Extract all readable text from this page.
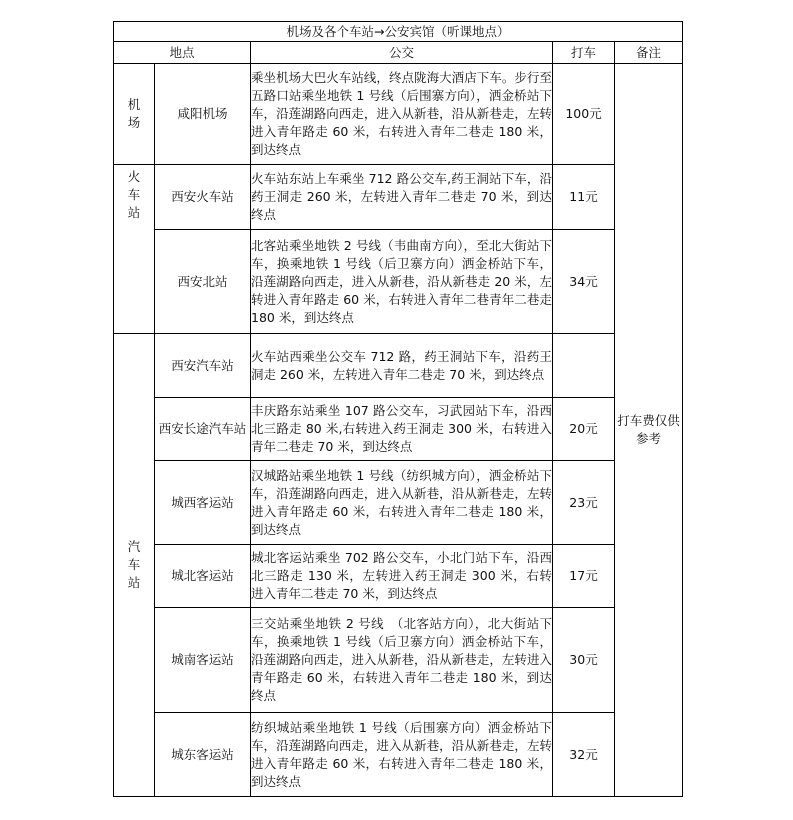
机场及各个车站→公安宾馆（听课地点）				
地点		公交	打车	备注

机
场	咸阳机场	乘坐机场大巴火车站线，终点陇海大酒店下车。步行至五路口站乘坐地铁 1 号线（后围寨方向），洒金桥站下车，沿莲湖路向西走，进入从新巷，沿从新巷走，左转进入青年路走 60 米，右转进入青年二巷走 180 米，到达终点	100元	打车费仅供参考

火
车
站	西安火车站	火车站东站上车乘坐 712 路公交车,药王洞站下车，沿药王洞走 260 米，左转进入青年二巷走 70 米，到达终点	11元	
	西安北站	北客站乘坐地铁 2 号线（韦曲南方向），至北大街站下车，换乘地铁 1 号线（后卫寨方向）洒金桥站下车，沿莲湖路向西走，进入从新巷，沿从新巷走 20 米，左转进入青年路走 60 米，右转进入青年二巷青年二巷走 180 米，到达终点	34元	

汽
车
站	西安汽车站	火车站西乘坐公交车 712 路，药王洞站下车，沿药王洞走 260 米，左转进入青年二巷走 70 米，到达终点		
	西安长途汽车站	丰庆路东站乘坐 107 路公交车，习武园站下车，沿西北三路走 80 米,右转进入药王洞走 300 米，右转进入青年二巷走 70 米，到达终点	20元	
	城西客运站	汉城路站乘坐地铁 1 号线（纺织城方向），洒金桥站下车，沿莲湖路向西走，进入从新巷，沿从新巷走，左转进入青年路走 60 米，右转进入青年二巷走 180 米，到达终点	23元	
	城北客运站	城北客运站乘坐 702 路公交车，小北门站下车，沿西北三路走 130 米，左转进入药王洞走 300 米，右转进入青年二巷走 70 米，到达终点	17元	
	城南客运站	三交站乘坐地铁 2 号线　（北客站方向），北大街站下车，换乘地铁 1 号线（后卫寨方向）洒金桥站下车，沿莲湖路向西走，进入从新巷，沿从新巷走，左转进入青年路走 60 米，右转进入青年二巷走 180 米，到达终点	30元	
	城东客运站	纺织城站乘坐地铁 1 号线（后围寨方向）洒金桥站下车，沿莲湖路向西走，进入从新巷，沿从新巷走，左转进入青年路走 60 米，右转进入青年二巷走 180 米，到达终点	32元	
